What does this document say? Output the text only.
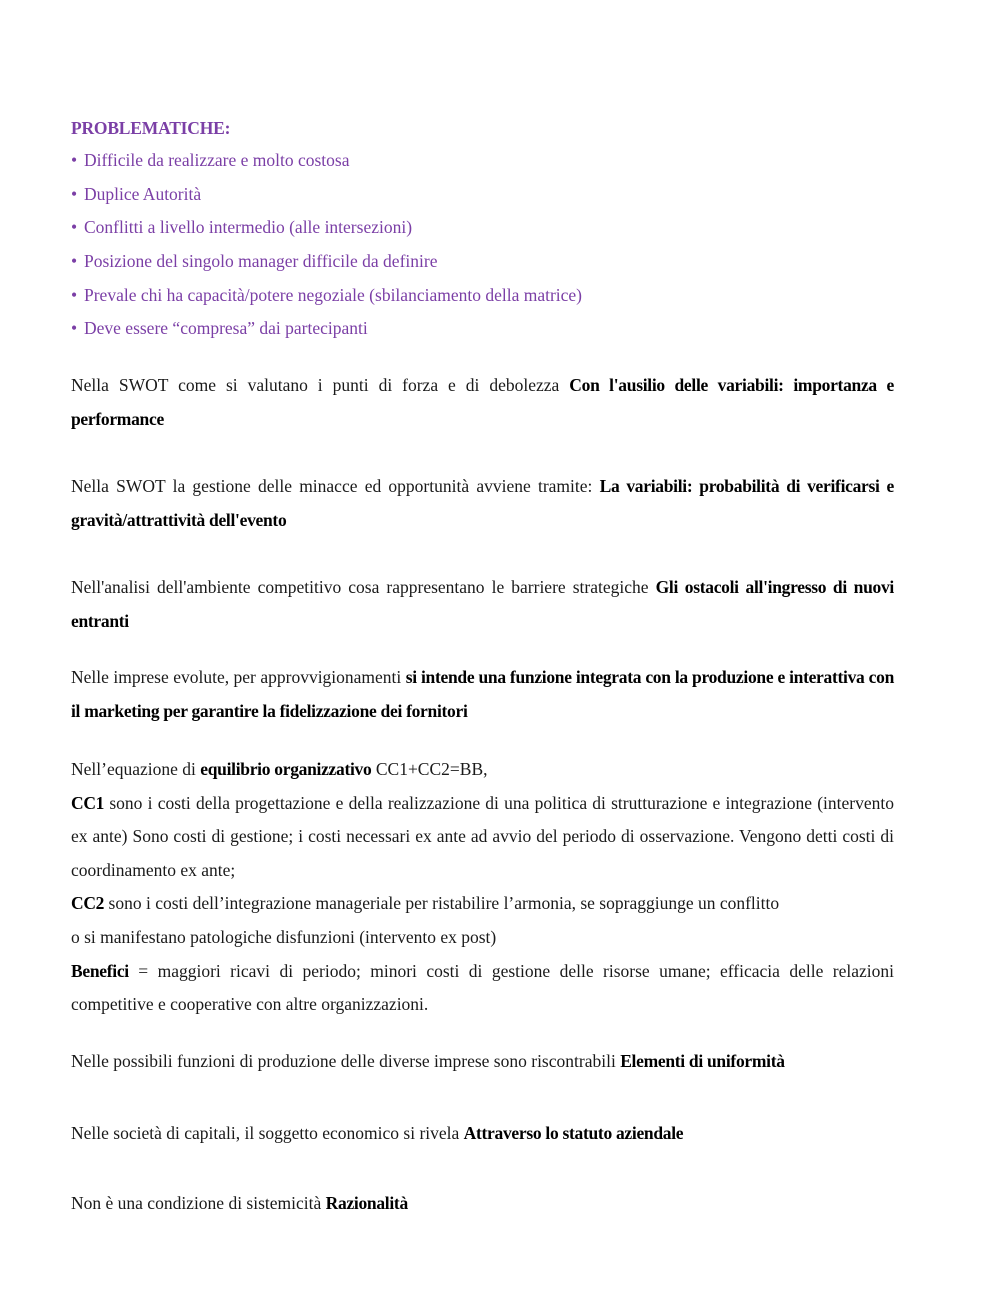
PROBLEMATICHE:
• Difficile da realizzare e molto costosa
• Duplice Autorità
• Conflitti a livello intermedio (alle intersezioni)
• Posizione del singolo manager difficile da definire
• Prevale chi ha capacità/potere negoziale (sbilanciamento della matrice)
• Deve essere “compresa” dai partecipanti

Nella SWOT come si valutano i punti di forza e di debolezza Con l'ausilio delle variabili: importanza e performance

Nella SWOT la gestione delle minacce ed opportunità avviene tramite: La variabili: probabilità di verificarsi e gravità/attrattività dell'evento

Nell'analisi dell'ambiente competitivo cosa rappresentano le barriere strategiche Gli ostacoli all'ingresso di nuovi entranti

Nelle imprese evolute, per approvvigionamenti si intende una funzione integrata con la produzione e interattiva con il marketing per garantire la fidelizzazione dei fornitori

Nell’equazione di equilibrio organizzativo CC1+CC2=BB,
CC1 sono i costi della progettazione e della realizzazione di una politica di strutturazione e integrazione (intervento ex ante) Sono costi di gestione; i costi necessari ex ante ad avvio del periodo di osservazione. Vengono detti costi di coordinamento ex ante;
CC2 sono i costi dell’integrazione manageriale per ristabilire l’armonia, se sopraggiunge un conflitto
o si manifestano patologiche disfunzioni (intervento ex post)
Benefici = maggiori ricavi di periodo; minori costi di gestione delle risorse umane; efficacia delle relazioni competitive e cooperative con altre organizzazioni.

Nelle possibili funzioni di produzione delle diverse imprese sono riscontrabili Elementi di uniformità

Nelle società di capitali, il soggetto economico si rivela Attraverso lo statuto aziendale

Non è una condizione di sistemicità Razionalità
